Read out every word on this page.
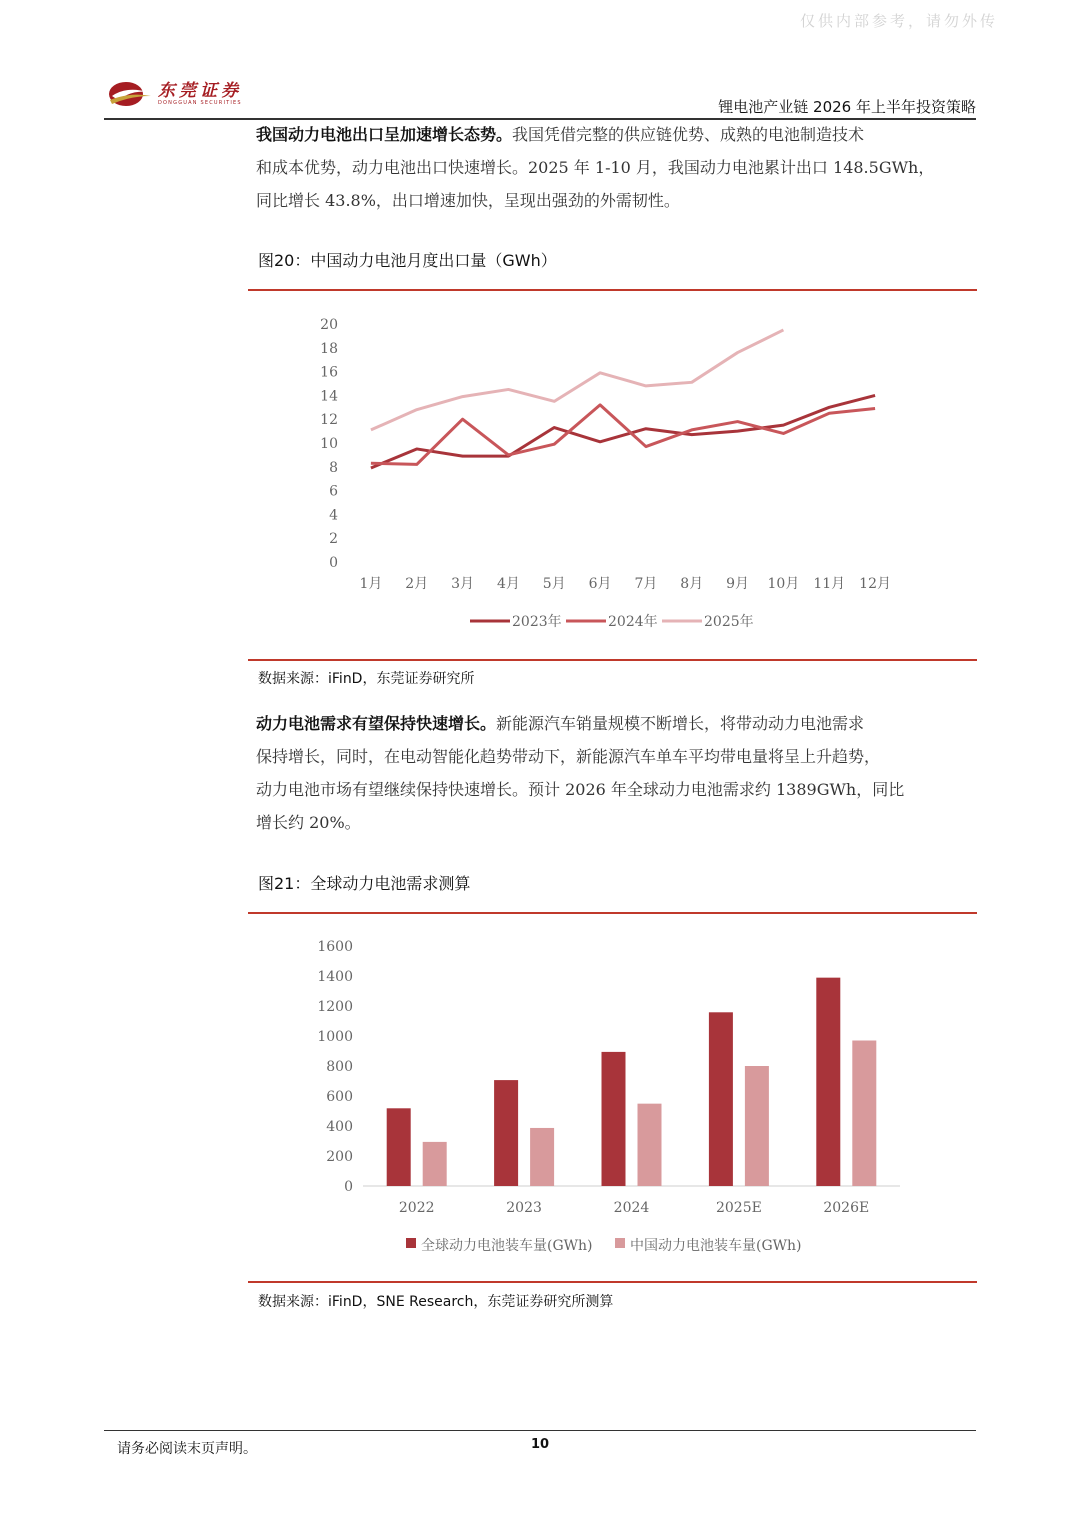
仅供内部参考，请勿外传
东莞证券
DONGGUAN SECURITIES	锂电池产业链 2026 年上半年投资策略
我国动力电池出口呈加速增长态势。我国凭借完整的供应链优势、成熟的电池制造技术
和成本优势，动力电池出口快速增长。2025 年 1-10 月，我国动力电池累计出口 148.5GWh，
同比增长 43.8%，出口增速加快，呈现出强劲的外需韧性。
图20：中国动力电池月度出口量（GWh）
0
2
4
6
8
10
12
14
16
18
20
1月 2月 3月 4月 5月 6月 7月 8月 9月 10月 11月 12月
2023年	2024年	2025年
数据来源：iFinD，东莞证券研究所
动力电池需求有望保持快速增长。新能源汽车销量规模不断增长，将带动动力电池需求
保持增长，同时，在电动智能化趋势带动下，新能源汽车单车平均带电量将呈上升趋势，
动力电池市场有望继续保持快速增长。预计 2026 年全球动力电池需求约 1389GWh，同比
增长约 20%。
图21：全球动力电池需求测算
0
200
400
600
800
1000
1200
1400
1600
2022	2023	2024	2025E	2026E
全球动力电池装车量(GWh)	中国动力电池装车量(GWh)
数据来源：iFinD，SNE Research，东莞证券研究所测算
请务必阅读末页声明。	10
